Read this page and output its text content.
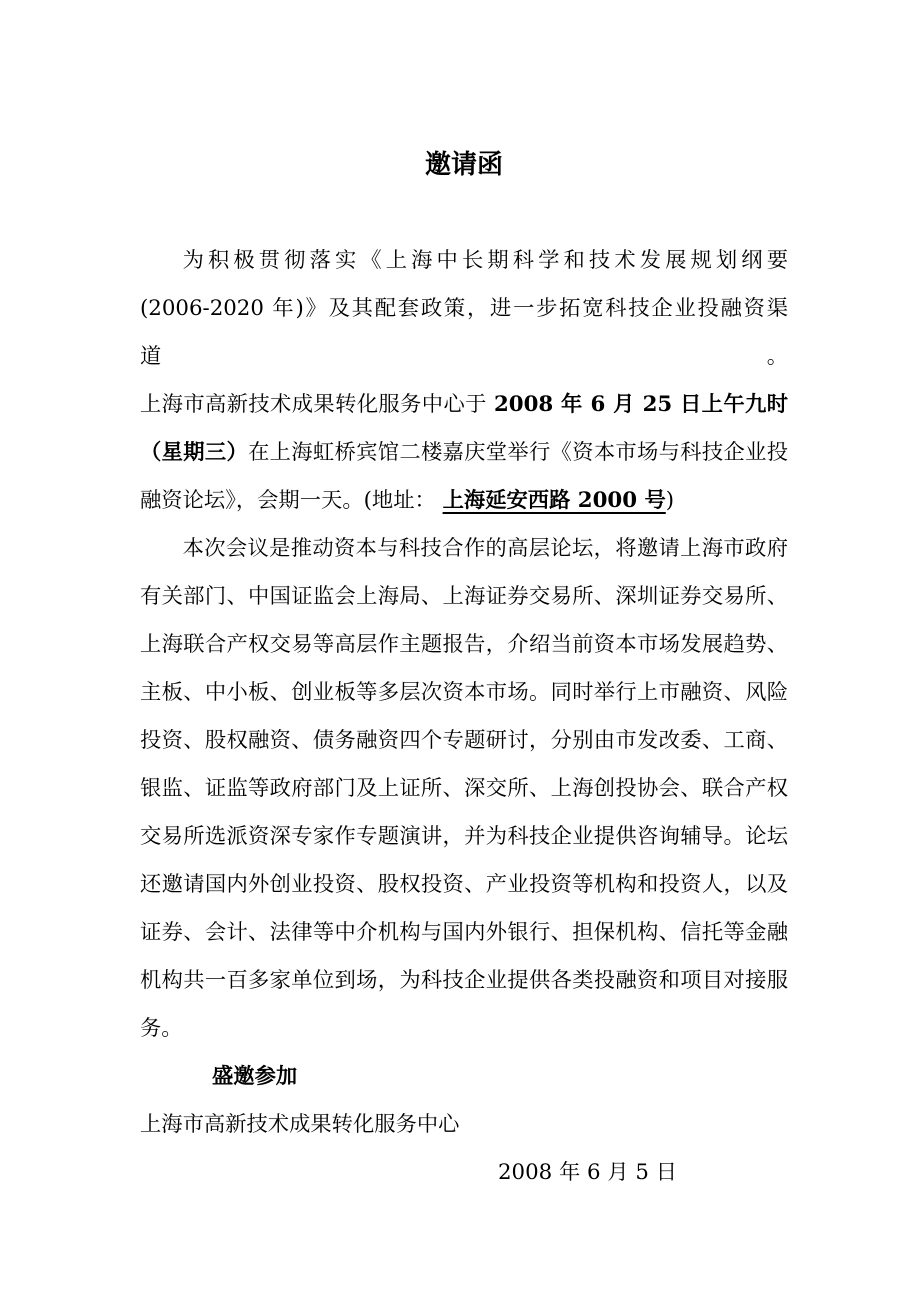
邀请函
为积极贯彻落实《上海中长期科学和技术发展规划纲要
(2006-2020 年)》及其配套政策，进一步拓宽科技企业投融资渠道。
上海市高新技术成果转化服务中心于 2008 年 6 月 25 日上午九时
（星期三）在上海虹桥宾馆二楼嘉庆堂举行《资本市场与科技企业投
融资论坛》，会期一天。(地址： 上海延安西路 2000 号)
本次会议是推动资本与科技合作的高层论坛，将邀请上海市政府
有关部门、中国证监会上海局、上海证券交易所、深圳证券交易所、
上海联合产权交易等高层作主题报告，介绍当前资本市场发展趋势、
主板、中小板、创业板等多层次资本市场。同时举行上市融资、风险
投资、股权融资、债务融资四个专题研讨，分别由市发改委、工商、
银监、证监等政府部门及上证所、深交所、上海创投协会、联合产权
交易所选派资深专家作专题演讲，并为科技企业提供咨询辅导。论坛
还邀请国内外创业投资、股权投资、产业投资等机构和投资人，以及
证券、会计、法律等中介机构与国内外银行、担保机构、信托等金融
机构共一百多家单位到场，为科技企业提供各类投融资和项目对接服
务。
盛邀参加
上海市高新技术成果转化服务中心
2008 年 6 月 5 日
